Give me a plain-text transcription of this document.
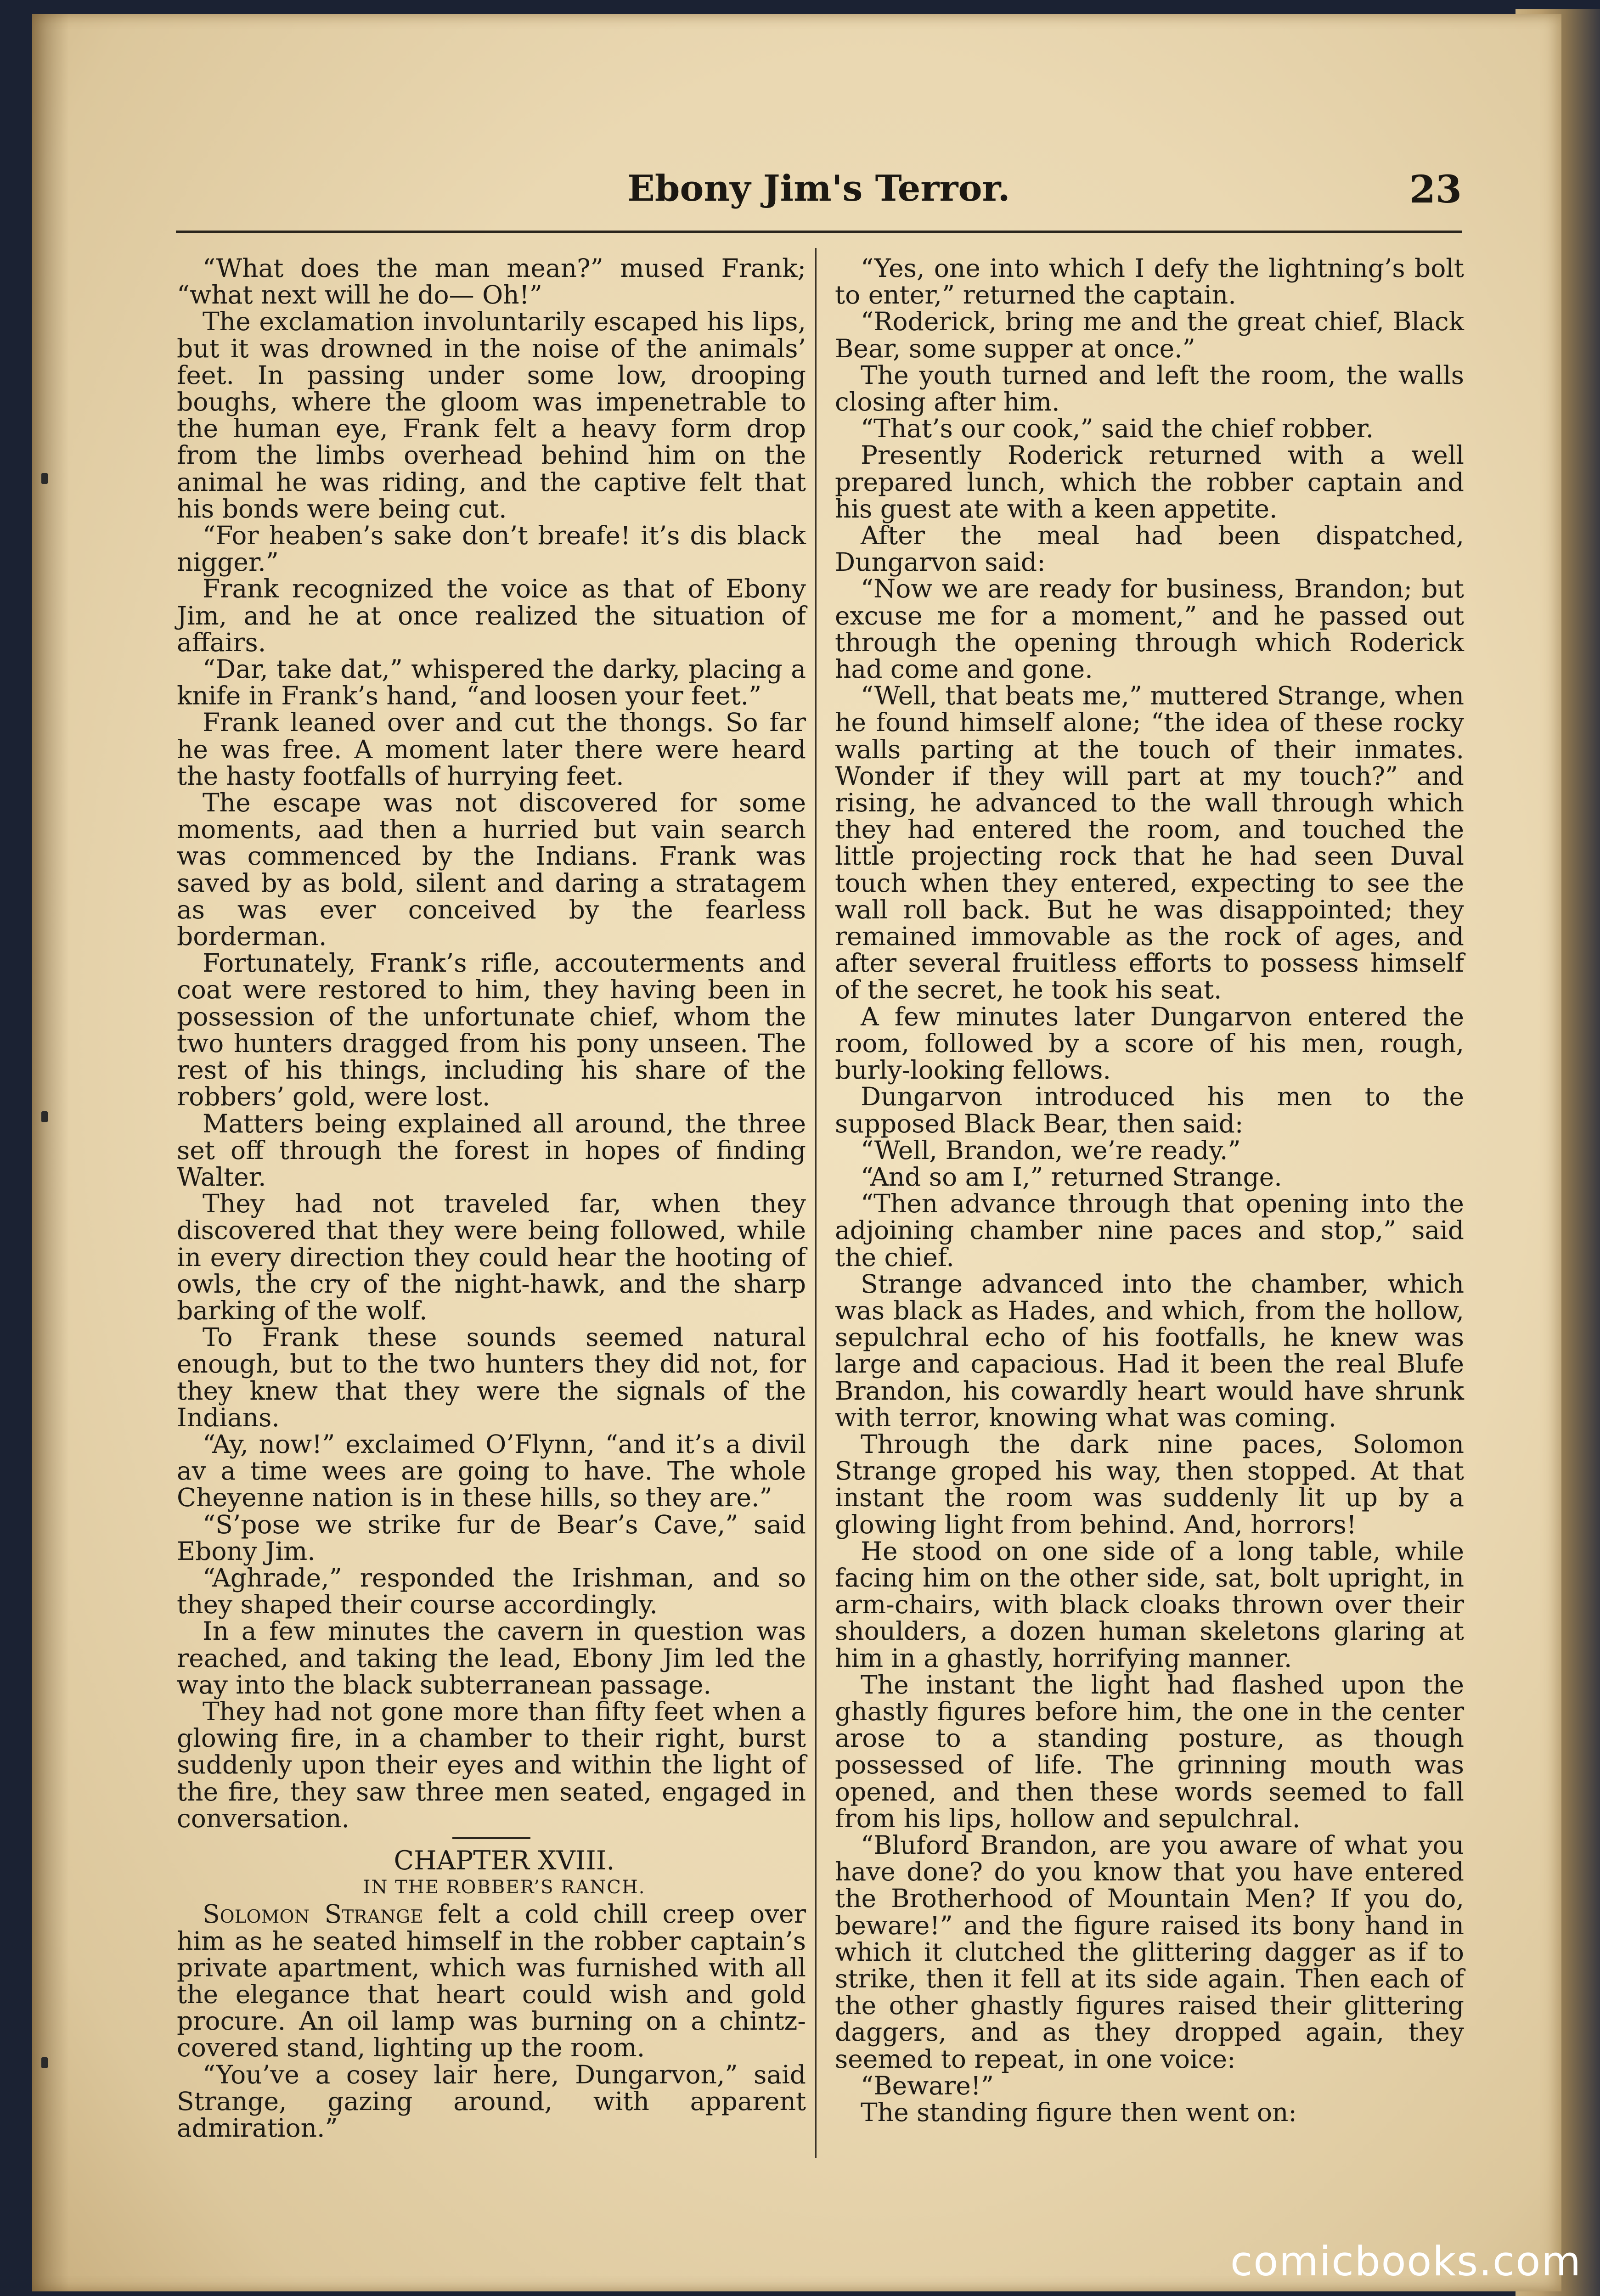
Ebony Jim's Terror.	23

“What does the man mean?” mused Frank; “what next will he do— Oh!”

The exclamation involuntarily escaped his lips, but it was drowned in the noise of the animals’ feet. In passing under some low, drooping boughs, where the gloom was impenetrable to the human eye, Frank felt a heavy form drop from the limbs overhead behind him on the animal he was riding, and the captive felt that his bonds were being cut.

“For heaben’s sake don’t breafe! it’s dis black nigger.”

Frank recognized the voice as that of Ebony Jim, and he at once realized the situation of affairs.

“Dar, take dat,” whispered the darky, placing a knife in Frank’s hand, “and loosen your feet.”

Frank leaned over and cut the thongs. So far he was free. A moment later there were heard the hasty footfalls of hurrying feet.

The escape was not discovered for some moments, aad then a hurried but vain search was commenced by the Indians. Frank was saved by as bold, silent and daring a stratagem as was ever conceived by the fearless borderman.

Fortunately, Frank’s rifle, accouterments and coat were restored to him, they having been in possession of the unfortunate chief, whom the two hunters dragged from his pony unseen. The rest of his things, including his share of the robbers’ gold, were lost.

Matters being explained all around, the three set off through the forest in hopes of finding Walter.

They had not traveled far, when they discovered that they were being followed, while in every direction they could hear the hooting of owls, the cry of the night-hawk, and the sharp barking of the wolf.

To Frank these sounds seemed natural enough, but to the two hunters they did not, for they knew that they were the signals of the Indians.

“Ay, now!” exclaimed O’Flynn, “and it’s a divil av a time wees are going to have. The whole Cheyenne nation is in these hills, so they are.”

“S’pose we strike fur de Bear’s Cave,” said Ebony Jim.

“Aghrade,” responded the Irishman, and so they shaped their course accordingly.

In a few minutes the cavern in question was reached, and taking the lead, Ebony Jim led the way into the black subterranean passage.

They had not gone more than fifty feet when a glowing fire, in a chamber to their right, burst suddenly upon their eyes and within the light of the fire, they saw three men seated, engaged in conversation.

CHAPTER XVIII.

IN THE ROBBER’S RANCH.

Solomon Strange felt a cold chill creep over him as he seated himself in the robber captain’s private apartment, which was furnished with all the elegance that heart could wish and gold procure. An oil lamp was burning on a chintz-covered stand, lighting up the room.

“You’ve a cosey lair here, Dungarvon,” said Strange, gazing around, with apparent admiration.”

“Yes, one into which I defy the lightning’s bolt to enter,” returned the captain.

“Roderick, bring me and the great chief, Black Bear, some supper at once.”

The youth turned and left the room, the walls closing after him.

“That’s our cook,” said the chief robber.

Presently Roderick returned with a well prepared lunch, which the robber captain and his guest ate with a keen appetite.

After the meal had been dispatched, Dungarvon said:

“Now we are ready for business, Brandon; but excuse me for a moment,” and he passed out through the opening through which Roderick had come and gone.

“Well, that beats me,” muttered Strange, when he found himself alone; “the idea of these rocky walls parting at the touch of their inmates. Wonder if they will part at my touch?” and rising, he advanced to the wall through which they had entered the room, and touched the little projecting rock that he had seen Duval touch when they entered, expecting to see the wall roll back. But he was disappointed; they remained immovable as the rock of ages, and after several fruitless efforts to possess himself of the secret, he took his seat.

A few minutes later Dungarvon entered the room, followed by a score of his men, rough, burly-looking fellows.

Dungarvon introduced his men to the supposed Black Bear, then said:

“Well, Brandon, we’re ready.”

“And so am I,” returned Strange.

“Then advance through that opening into the adjoining chamber nine paces and stop,” said the chief.

Strange advanced into the chamber, which was black as Hades, and which, from the hollow, sepulchral echo of his footfalls, he knew was large and capacious. Had it been the real Blufe Brandon, his cowardly heart would have shrunk with terror, knowing what was coming.

Through the dark nine paces, Solomon Strange groped his way, then stopped. At that instant the room was suddenly lit up by a glowing light from behind. And, horrors!

He stood on one side of a long table, while facing him on the other side, sat, bolt upright, in arm-chairs, with black cloaks thrown over their shoulders, a dozen human skeletons glaring at him in a ghastly, horrifying manner.

The instant the light had flashed upon the ghastly figures before him, the one in the center arose to a standing posture, as though possessed of life. The grinning mouth was opened, and then these words seemed to fall from his lips, hollow and sepulchral.

“Bluford Brandon, are you aware of what you have done? do you know that you have entered the Brotherhood of Mountain Men? If you do, beware!” and the figure raised its bony hand in which it clutched the glittering dagger as if to strike, then it fell at its side again. Then each of the other ghastly figures raised their glittering daggers, and as they dropped again, they seemed to repeat, in one voice:

“Beware!”

The standing figure then went on:

comicbooks.com
